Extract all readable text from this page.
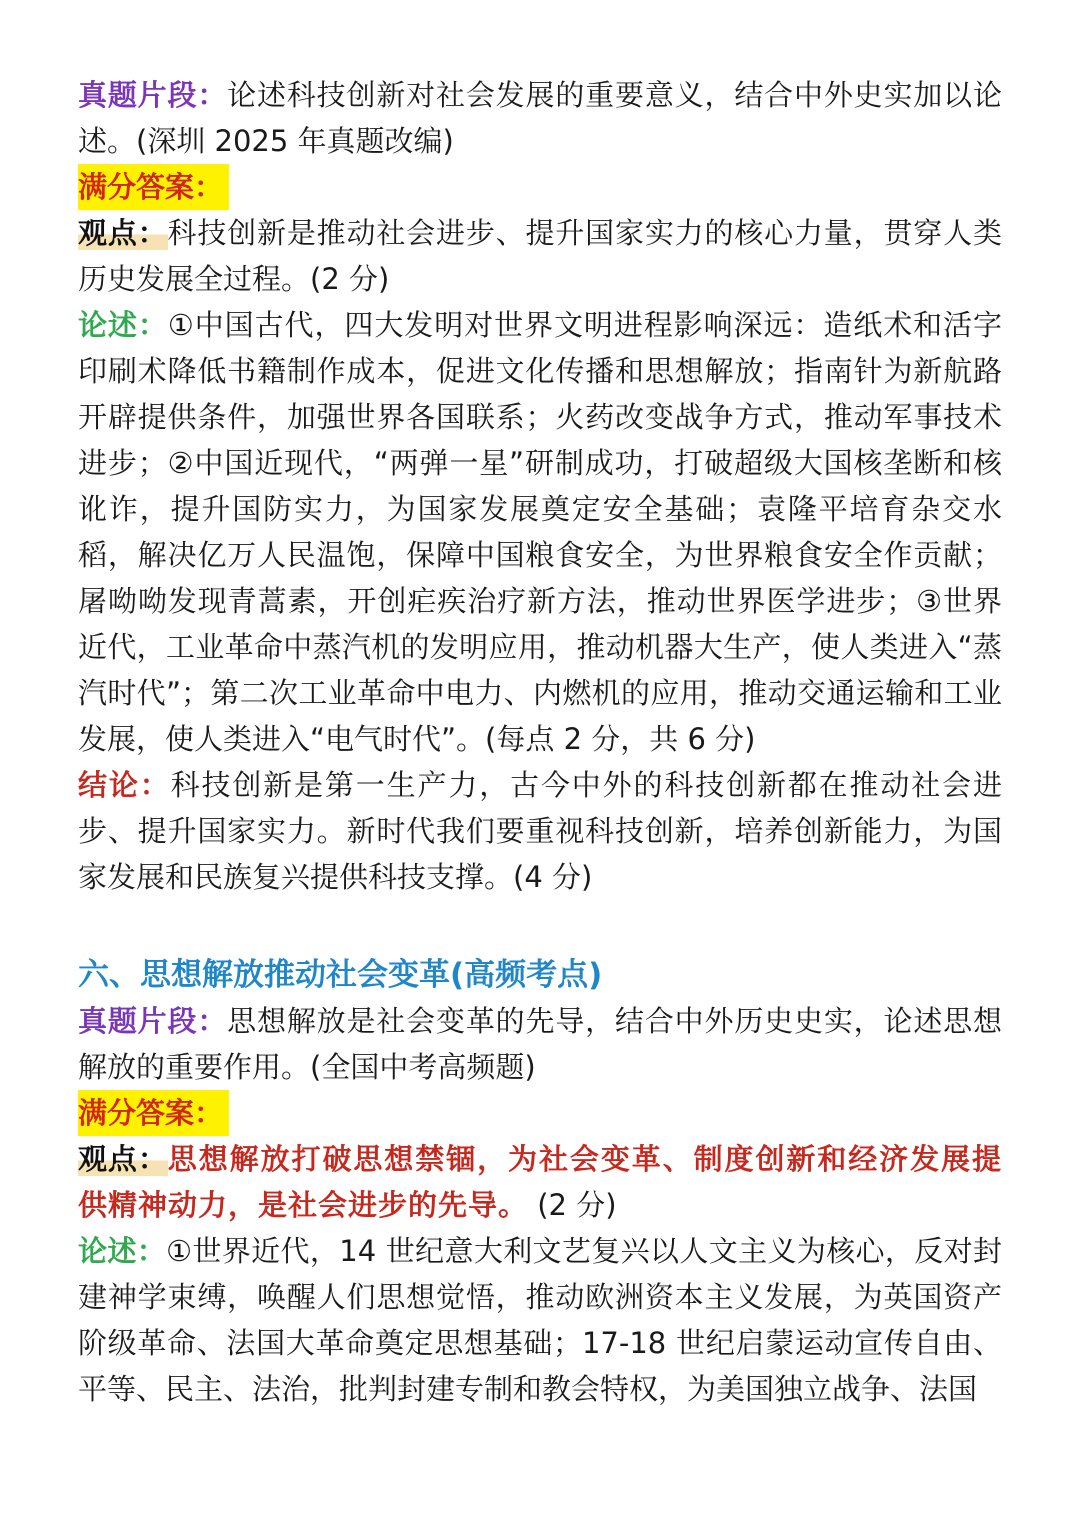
真题片段：论述科技创新对社会发展的重要意义，结合中外史实加以论述。(深圳 2025 年真题改编)

满分答案：

观点：科技创新是推动社会进步、提升国家实力的核心力量，贯穿人类历史发展全过程。(2 分)

论述：①中国古代，四大发明对世界文明进程影响深远：造纸术和活字印刷术降低书籍制作成本，促进文化传播和思想解放；指南针为新航路开辟提供条件，加强世界各国联系；火药改变战争方式，推动军事技术进步；②中国近现代，“两弹一星”研制成功，打破超级大国核垄断和核讹诈，提升国防实力，为国家发展奠定安全基础；袁隆平培育杂交水稻，解决亿万人民温饱，保障中国粮食安全，为世界粮食安全作贡献；屠呦呦发现青蒿素，开创疟疾治疗新方法，推动世界医学进步；③世界近代，工业革命中蒸汽机的发明应用，推动机器大生产，使人类进入“蒸汽时代”；第二次工业革命中电力、内燃机的应用，推动交通运输和工业发展，使人类进入“电气时代”。(每点 2 分，共 6 分)

结论：科技创新是第一生产力，古今中外的科技创新都在推动社会进步、提升国家实力。新时代我们要重视科技创新，培养创新能力，为国家发展和民族复兴提供科技支撑。(4 分)

六、思想解放推动社会变革(高频考点)

真题片段：思想解放是社会变革的先导，结合中外历史史实，论述思想解放的重要作用。(全国中考高频题)

满分答案：

观点：思想解放打破思想禁锢，为社会变革、制度创新和经济发展提供精神动力，是社会进步的先导。 (2 分)

论述：①世界近代，14 世纪意大利文艺复兴以人文主义为核心，反对封建神学束缚，唤醒人们思想觉悟，推动欧洲资本主义发展，为英国资产阶级革命、法国大革命奠定思想基础；17-18 世纪启蒙运动宣传自由、平等、民主、法治，批判封建专制和教会特权，为美国独立战争、法国
